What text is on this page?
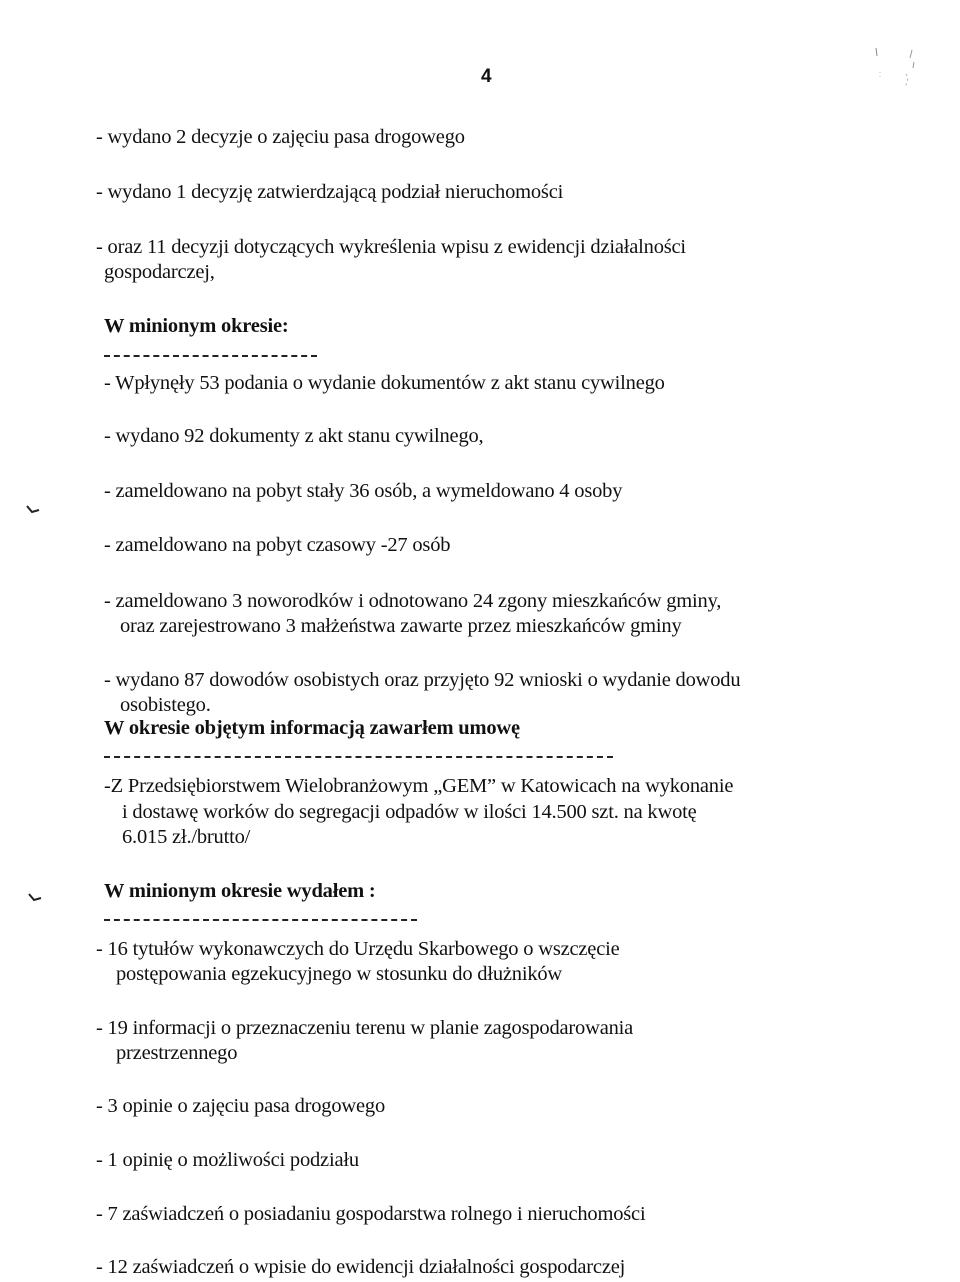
4
- wydano 2 decyzje o zajęciu pasa drogowego
- wydano 1 decyzję zatwierdzającą podział nieruchomości
- oraz 11 decyzji dotyczących wykreślenia wpisu z ewidencji działalności
gospodarczej,
W minionym okresie:
- Wpłynęły 53 podania o wydanie dokumentów z akt stanu cywilnego
- wydano 92 dokumenty z akt stanu cywilnego,
- zameldowano na pobyt stały 36 osób, a wymeldowano 4 osoby
- zameldowano na pobyt czasowy -27 osób
- zameldowano 3 noworodków i odnotowano 24 zgony mieszkańców gminy,
oraz zarejestrowano 3 małżeństwa zawarte przez mieszkańców gminy
- wydano 87 dowodów osobistych oraz przyjęto 92 wnioski o wydanie dowodu
osobistego.
W okresie objętym informacją zawarłem umowę
-Z Przedsiębiorstwem Wielobranżowym „GEM” w Katowicach na wykonanie
i dostawę worków do segregacji odpadów w ilości 14.500 szt. na kwotę
6.015 zł./brutto/
W minionym okresie wydałem :
- 16 tytułów wykonawczych do Urzędu Skarbowego o wszczęcie
postępowania egzekucyjnego w stosunku do dłużników
- 19 informacji o przeznaczeniu terenu w planie zagospodarowania
przestrzennego
- 3 opinie o zajęciu pasa drogowego
- 1 opinię o możliwości podziału
- 7 zaświadczeń o posiadaniu gospodarstwa rolnego i nieruchomości
- 12 zaświadczeń o wpisie do ewidencji działalności gospodarczej
